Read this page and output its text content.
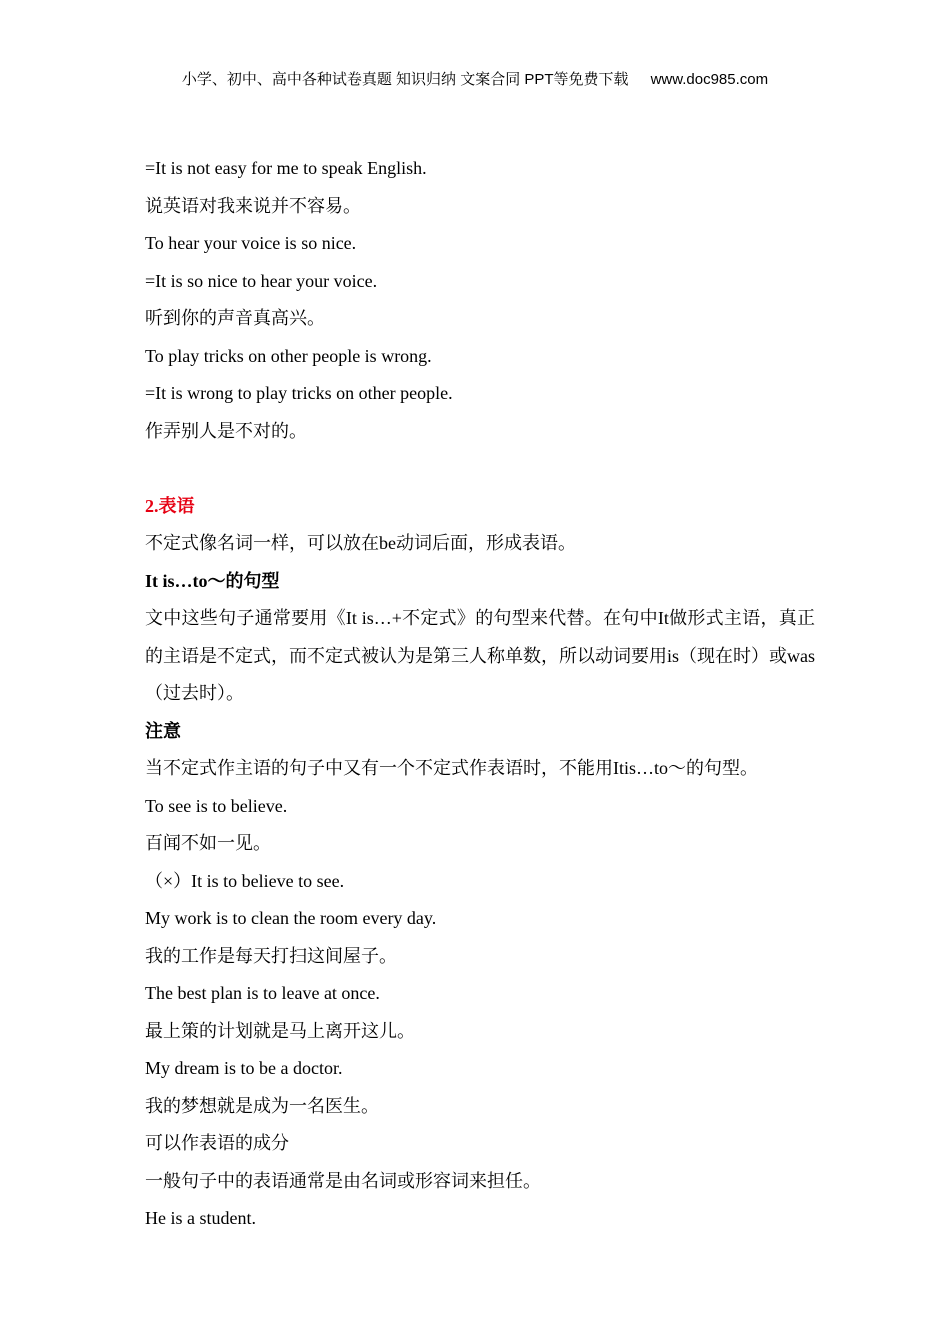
小学、初中、高中各种试卷真题 知识归纳 文案合同 PPT等免费下载 www.doc985.com
=It is not easy for me to speak English.
说英语对我来说并不容易。
To hear your voice is so nice.
=It is so nice to hear your voice.
听到你的声音真高兴。
To play tricks on other people is wrong.
=It is wrong to play tricks on other people.
作弄别人是不对的。
2.表语
不定式像名词一样，可以放在be动词后面，形成表语。
It is…to～的句型
文中这些句子通常要用《It is…+不定式》的句型来代替。在句中It做形式主语，真正的主语是不定式，而不定式被认为是第三人称单数，所以动词要用is（现在时）或was（过去时）。
注意
当不定式作主语的句子中又有一个不定式作表语时，不能用Itis…to～的句型。
To see is to believe.
百闻不如一见。
（×）It is to believe to see.
My work is to clean the room every day.
我的工作是每天打扫这间屋子。
The best plan is to leave at once.
最上策的计划就是马上离开这儿。
My dream is to be a doctor.
我的梦想就是成为一名医生。
可以作表语的成分
一般句子中的表语通常是由名词或形容词来担任。
He is a student.
